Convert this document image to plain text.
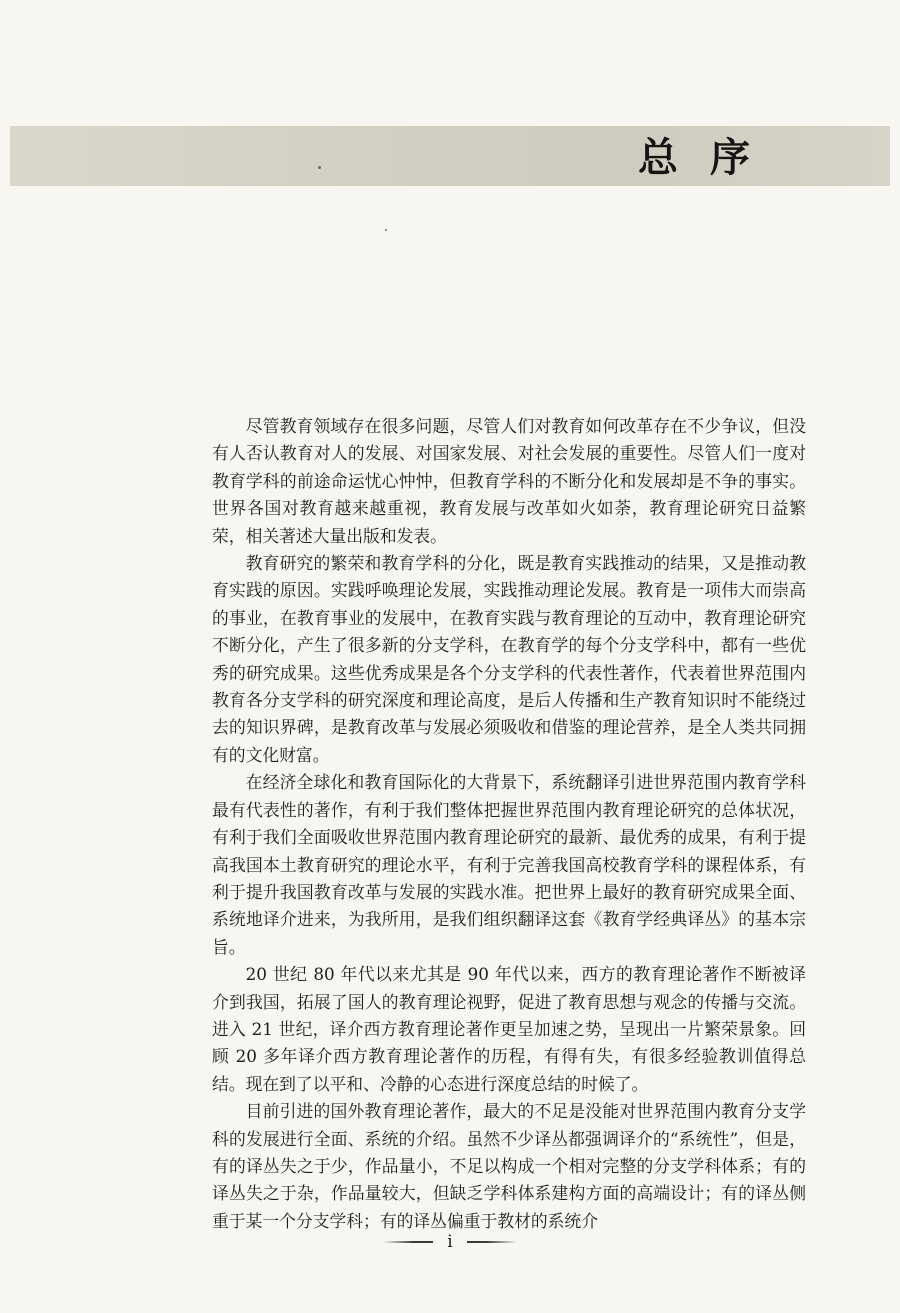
总序

尽管教育领域存在很多问题，尽管人们对教育如何改革存在不少争议，但没有人否认教育对人的发展、对国家发展、对社会发展的重要性。尽管人们一度对教育学科的前途命运忧心忡忡，但教育学科的不断分化和发展却是不争的事实。世界各国对教育越来越重视，教育发展与改革如火如荼，教育理论研究日益繁荣，相关著述大量出版和发表。

教育研究的繁荣和教育学科的分化，既是教育实践推动的结果，又是推动教育实践的原因。实践呼唤理论发展，实践推动理论发展。教育是一项伟大而崇高的事业，在教育事业的发展中，在教育实践与教育理论的互动中，教育理论研究不断分化，产生了很多新的分支学科，在教育学的每个分支学科中，都有一些优秀的研究成果。这些优秀成果是各个分支学科的代表性著作，代表着世界范围内教育各分支学科的研究深度和理论高度，是后人传播和生产教育知识时不能绕过去的知识界碑，是教育改革与发展必须吸收和借鉴的理论营养，是全人类共同拥有的文化财富。

在经济全球化和教育国际化的大背景下，系统翻译引进世界范围内教育学科最有代表性的著作，有利于我们整体把握世界范围内教育理论研究的总体状况，有利于我们全面吸收世界范围内教育理论研究的最新、最优秀的成果，有利于提高我国本土教育研究的理论水平，有利于完善我国高校教育学科的课程体系，有利于提升我国教育改革与发展的实践水准。把世界上最好的教育研究成果全面、系统地译介进来，为我所用，是我们组织翻译这套《教育学经典译丛》的基本宗旨。

20 世纪 80 年代以来尤其是 90 年代以来，西方的教育理论著作不断被译介到我国，拓展了国人的教育理论视野，促进了教育思想与观念的传播与交流。进入 21 世纪，译介西方教育理论著作更呈加速之势，呈现出一片繁荣景象。回顾 20 多年译介西方教育理论著作的历程，有得有失，有很多经验教训值得总结。现在到了以平和、冷静的心态进行深度总结的时候了。

目前引进的国外教育理论著作，最大的不足是没能对世界范围内教育分支学科的发展进行全面、系统的介绍。虽然不少译丛都强调译介的“系统性”，但是，有的译丛失之于少，作品量小，不足以构成一个相对完整的分支学科体系；有的译丛失之于杂，作品量较大，但缺乏学科体系建构方面的高端设计；有的译丛侧重于某一个分支学科；有的译丛偏重于教材的系统介

i
